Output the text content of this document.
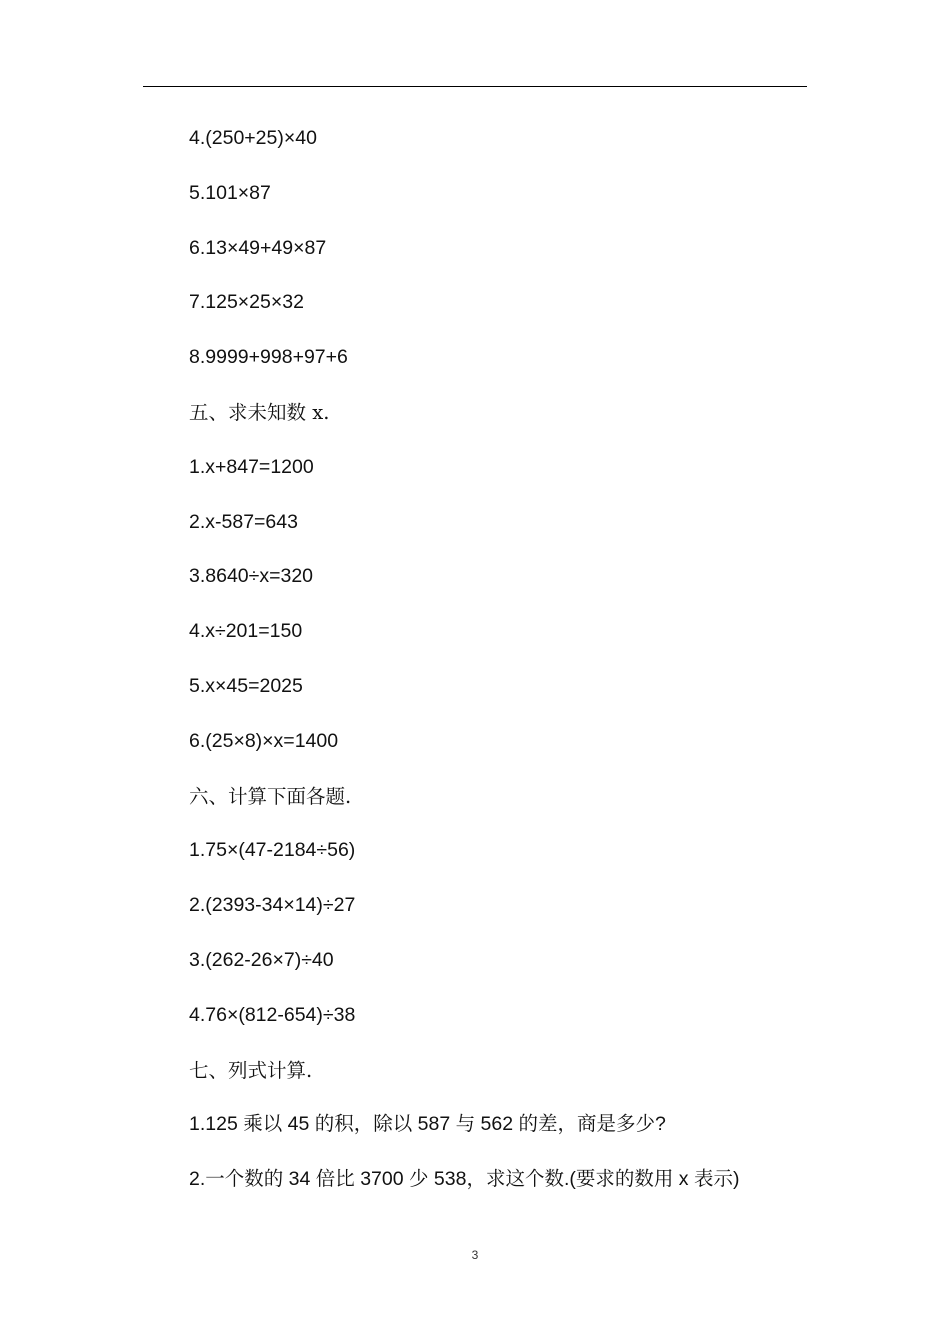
4.(250+25)×40
5.101×87
6.13×49+49×87
7.125×25×32
8.9999+998+97+6
五、求未知数 x.
1.x+847=1200
2.x-587=643
3.8640÷x=320
4.x÷201=150
5.x×45=2025
6.(25×8)×x=1400
六、计算下面各题.
1.75×(47-2184÷56)
2.(2393-34×14)÷27
3.(262-26×7)÷40
4.76×(812-654)÷38
七、列式计算.
1.125 乘以 45 的积，除以 587 与 562 的差，商是多少?
2.一个数的 34 倍比 3700 少 538，求这个数.(要求的数用 x 表示)
3
